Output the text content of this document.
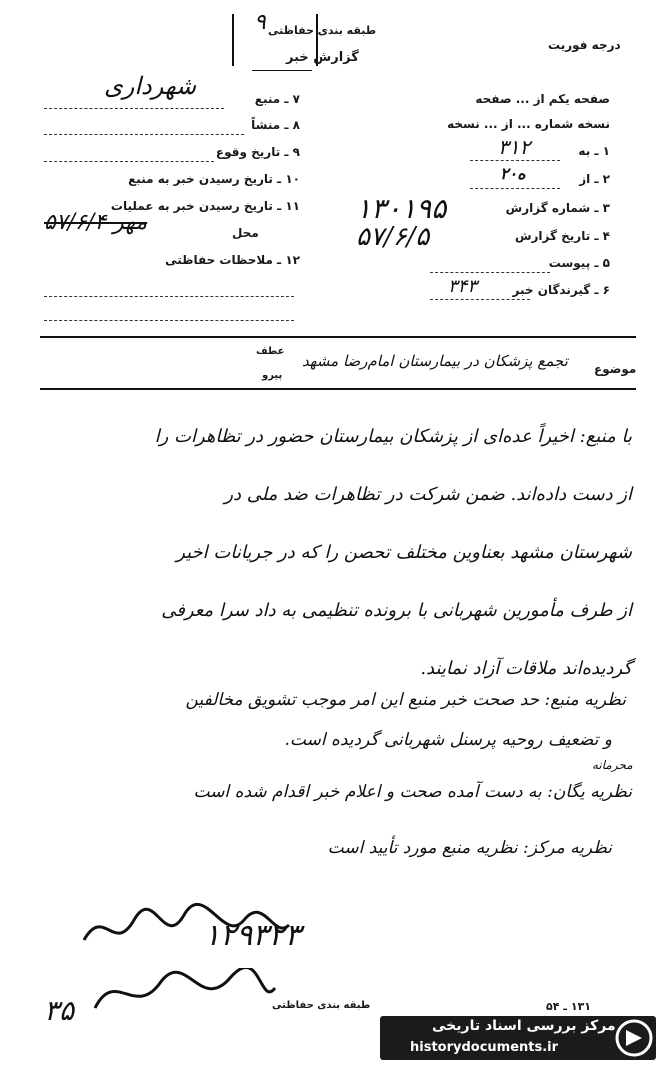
درجه فوریت
طبقه بندی حفاظتی
۹
گزارش خبر
صفحه یکم از ... صفحه
نسخه شماره ... از ... نسخه
۱ ـ به
۳۱۲
۲ ـ از
۲۰ه
۳ ـ شماره گزارش
۱۳۰۱۹۵
۴ ـ تاریخ گزارش
۵۷/۶/۵
۵ ـ پیوست
۶ ـ گیرندگان خبر
۳۴۳
۷ ـ منبع
شهرداری
۸ ـ منشاً
۹ ـ تاریخ وقوع
۱۰ ـ تاریخ رسیدن خبر به منبع
۱۱ ـ تاریخ رسیدن خبر به عملیات
محل
۵۷/۶/۴ مهر
۱۲ ـ ملاحظات حفاظتی
موضوع
تجمع پزشکان در بیمارستان امام‌رضا مشهد
عطف
پیرو
با منبع: اخیراً عده‌ای از پزشکان بیمارستان حضور در تظاهرات را
از دست داده‌اند. ضمن شرکت در تظاهرات ضد ملی در
شهرستان مشهد بعناوین مختلف تحصن را که در جریانات اخیر
از طرف مأمورین شهربانی با برونده تنظیمی به داد سرا معرفی
گردیده‌اند ملاقات آزاد نمایند.
نظریه منبع: حد صحت خبر منبع این امر موجب تشویق مخالفین
و تضعیف روحیه پرسنل شهربانی گردیده است.
محرمانه
نظریه یگان: به دست آمده صحت و اعلام خبر اقدام شده است
نظریه مرکز: نظریه منبع مورد تأیید است
۱۲۹۳۲۳
۳۵	طبقه بندی حفاظتی	۱۳۱ ـ ۵۴
مرکز بررسی اسناد تاریخی
historydocuments.ir
